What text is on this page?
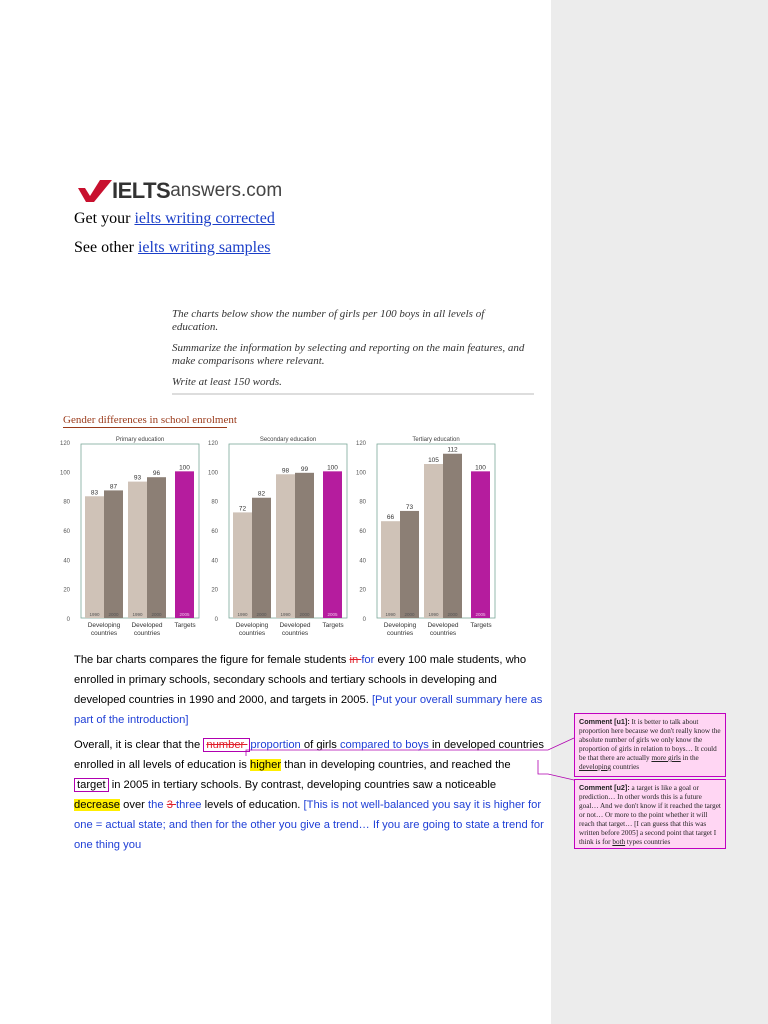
IELTS answers.com
Get your ielts writing corrected
See other ielts writing samples

The charts below show the number of girls per 100 boys in all levels of education.

Summarize the information by selecting and reporting on the main features, and make comparisons where relevant.

Write at least 150 words.

Gender differences in school enrolment
0
20
40
60
80
100
120
Primary education
83
1990
87
2000
93
1990
96
2000
100
2005
Developing
countries
Developed
countries
Targets
0
20
40
60
80
100
120
Secondary education
72
1990
82
2000
98
1990
99
2000
100
2005
Developing
countries
Developed
countries
Targets
0
20
40
60
80
100
120
Tertiary education
66
1990
73
2000
105
1990
112
2000
100
2005
Developing
countries
Developed
countries
Targets
The bar charts compares the figure for female students in for every 100 male students, who enrolled in primary schools, secondary schools and tertiary schools in developing and developed countries in 1990 and 2000, and targets in 2005. [Put your overall summary here as part of the introduction]
Overall, it is clear that the number proportion of girls compared to boys in developed countries enrolled in all levels of education is higher than in developing countries, and reached the target in 2005 in tertiary schools. By contrast, developing countries saw a noticeable decrease over the 3 three levels of education. [This is not well-balanced you say it is higher for one = actual state; and then for the other you give a trend… If you are going to state a trend for one thing you
Comment [u1]: It is better to talk about proportion here because we don't really know the absolute number of girls we only know the proportion of girls in relation to boys… It could be that there are actually more girls in the developing countries
Comment [u2]: a target is like a goal or prediction… In other words this is a future goal… And we don't know if it reached the target or not… Or more to the point whether it will reach that target… [I can guess that this was written before 2005] a second point that target I think is for both types countries
